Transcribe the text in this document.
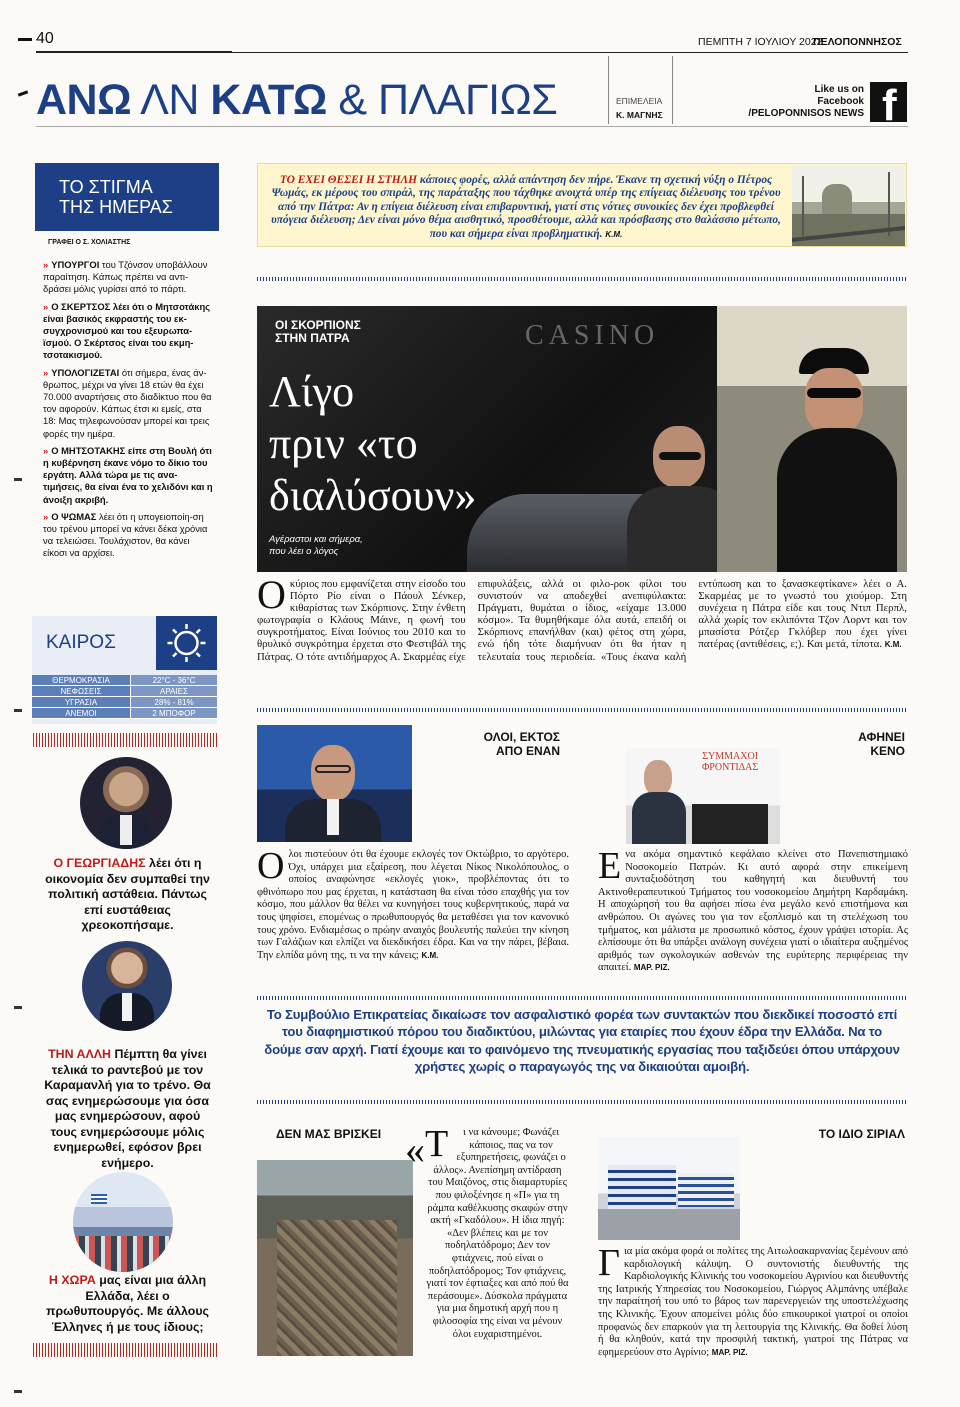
40	ΠΕΜΠΤΗ 7 ΙΟΥΛΙΟΥ 2022
ΠΕΛΟΠΟΝΝΗΣΟΣ
ΑΝΩ ΛΝ ΚΑΤΩ & ΠΛΑΓΙΩΣ	ΕΠΙΜΕΛΕΙΑ
Κ. ΜΑΓΝΗΣ
Like us on
Facebook
/PELOPONNISOS NEWS f
ΤΟ ΣΤΙΓΜΑ
ΤΗΣ ΗΜΕΡΑΣ
ΓΡΑΦΕΙ Ο Σ. ΧΟΛΙΑΣΤΗΣ
» ΥΠΟΥΡΓΟΙ του Τζόνσον υποβάλλουν παραίτηση. Κάπως πρέπει να αντι-δράσει μόλις γυρίσει από το πάρτι.
» Ο ΣΚΕΡΤΣΟΣ λέει ότι ο Μητσοτάκης είναι βασικός εκφραστής του εκ-συγχρονισμού και του εξευρωπα-ϊσμού. Ο Σκέρτσος είναι του εκμη-τσοτακισμού.
» ΥΠΟΛΟΓΙΖΕΤΑΙ ότι σήμερα, ένας άν-θρωπος, μέχρι να γίνει 18 ετών θα έχει 70.000 αναρτήσεις στο διαδίκτυο που θα τον αφορούν. Κάπως έτσι κι εμείς, στα 18: Μας τηλεφωνούσαν μπορεί και τρεις φορές την ημέρα.
» Ο ΜΗΤΣΟΤΑΚΗΣ είπε στη Βουλή ότι η κυβέρνηση έκανε νόμο το δίκιο του εργάτη. Αλλά τώρα με τις ανα-τιμήσεις, θα είναι ένα το χελιδόνι και η άνοιξη ακριβή.
» Ο ΨΩΜΑΣ λέει ότι η υπογειοποίη-ση του τρένου μπορεί να κάνει δέκα χρόνια να τελειώσει. Τουλάχιστον, θα κάνει είκοσι να αρχίσει.
ΚΑΙΡΟΣ
ΘΕΡΜΟΚΡΑΣΙΑ	22°C - 36°C
ΝΕΦΩΣΕΙΣ	ΑΡΑΙΕΣ
ΥΓΡΑΣΙΑ	28% - 81%
ΑΝΕΜΟΙ	2 ΜΠΟΦΟΡ
Ο ΓΕΩΡΓΙΑΔΗΣ λέει ότι η οικονομία δεν συμπαθεί την πολιτική αστάθεια. Πάντως επί ευστάθειας χρεοκοπήσαμε.
ΤΗΝ ΑΛΛΗ Πέμπτη θα γίνει τελικά το ραντεβού με τον Καραμανλή για το τρένο. Θα σας ενημερώσουμε για όσα μας ενημερώσουν, αφού τους ενημερώσουμε μόλις ενημερωθεί, εφόσον βρει ενήμερο.
Η ΧΩΡΑ μας είναι μια άλλη Ελλάδα, λέει ο πρωθυπουργός. Με άλλους Έλληνες ή με τους ίδιους;
ΤΟ ΕΧΕΙ ΘΕΣΕΙ Η ΣΤΗΛΗ κάποιες φορές, αλλά απάντηση δεν πήρε. Έκανε τη σχετική νύξη ο Πέτρος Ψωμάς, εκ μέρους του σπιράλ, της παράταξης που τάχθηκε ανοιχτά υπέρ της επίγειας διέλευσης του τρένου από την Πάτρα: Αν η επίγεια διέλευση είναι επιβαρυντική, γιατί στις νότιες συνοικίες δεν έχει προβλεφθεί υπόγεια διέλευση; Δεν είναι μόνο θέμα αισθητικό, προσθέτουμε, αλλά και πρόσβασης στο θαλάσσιο μέτωπο, που και σήμερα είναι προβληματική. Κ.Μ.
CASINO
ΟΙ ΣΚΟΡΠΙΟΝΣ
ΣΤΗΝ ΠΑΤΡΑ
Λίγο
πριν «το
διαλύσουν»
Αγέραστοι και σήμερα,
που λέει ο λόγος
Οκύριος που εμφανίζεται στην είσοδο του Πόρτο Ρίο είναι ο Πάουλ Σένκερ, κιθαρίστας των Σκόρπιονς. Στην ένθετη φωτογραφία ο Κλάους Μάινε, η φωνή του συγκροτήματος. Είναι Ιούνιος του 2010 και το θρυλικό συγκρότημα έρχεται στο Φεστιβάλ της Πάτρας. Ο τότε αντιδήμαρχος Α. Σκαρμέας είχε επιφυλάξεις, αλλά οι φιλο-ροκ φίλοι του συνιστούν να αποδεχθεί ανεπιφύλακτα: Πράγματι, θυμάται ο ίδιος, «είχαμε 13.000 κόσμο». Τα θυμηθήκαμε όλα αυτά, επειδή οι Σκόρπιονς επανήλθαν (και) φέτος στη χώρα, ενώ ήδη τότε διαμήνυαν ότι θα ήταν η τελευταία τους περιοδεία. «Τους έκανα καλή εντύπωση και το ξανασκεφτίκανε» λέει ο Α. Σκαρμέας με το γνωστό του χιούμορ. Στη συνέχεια η Πάτρα είδε και τους Ντιπ Περπλ, αλλά χωρίς τον εκλιπόντα Τζον Λορντ και τον μπασίστα Ρότζερ Γκλόβερ που έχει γίνει πατέρας (αντιθέσεις, ε;). Και μετά, τίποτα. Κ.Μ.
ΟΛΟΙ, ΕΚΤΟΣ
ΑΠΟ ΕΝΑΝ
Ολοι πιστεύουν ότι θα έχουμε εκλογές τον Οκτώβριο, το αργότερο. Όχι, υπάρχει μια εξαίρεση, που λέγεται Νίκος Νικολόπουλος, ο οποίος αναφώνησε «εκλογές γιοκ», προβλέποντας ότι το φθινόπωρο που μας έρχεται, η κατάσταση θα είναι τόσο επαχθής για τον κόσμο, που μάλλον θα θέλει να κυνηγήσει τους κυβερνητικούς, παρά να τους ψηφίσει, επομένως ο πρωθυπουργός θα μεταθέσει για τον κανονικό τους χρόνο. Ενδιαμέσως ο πρώην αναιχός βουλευτής παλεύει την κίνηση των Γαλάζιων και ελπίζει να διεκδικήσει έδρα. Και να την πάρει, βέβαια. Την ελπίδα μόνη της, τι να την κάνεις; Κ.Μ.
ΑΦΗΝΕΙ
ΚΕΝΟ
ΣΥΜΜΑΧΟΙ
ΦΡΟΝΤΙΔΑΣ
Ενα ακόμα σημαντικό κεφάλαιο κλείνει στο Πανεπιστημιακό Νοσοκομείο Πατρών. Κι αυτό αφορά στην επικείμενη συνταξιοδότηση του καθηγητή και διευθυντή του Ακτινοθεραπευτικού Τμήματος του νοσοκομείου Δημήτρη Καρδαμάκη. Η αποχώρησή του θα αφήσει πίσω ένα μεγάλο κενό επιστήμονα και ανθρώπου. Οι αγώνες του για τον εξοπλισμό και τη στελέχωση του τμήματος, και μάλιστα με προσωπικό κόστος, έχουν γράψει ιστορία. Ας ελπίσουμε ότι θα υπάρξει ανάλογη συνέχεια γιατί ο ιδιαίτερα αυξημένος αριθμός των ογκολογικών ασθενών της ευρύτερης περιφέρειας την απαιτεί. ΜΑΡ. ΡΙΖ.
Το Συμβούλιο Επικρατείας δικαίωσε τον ασφαλιστικό φορέα των συντακτών που διεκδικεί ποσοστό επί του διαφημιστικού πόρου του διαδικτύου, μιλώντας για εταιρίες που έχουν έδρα την Ελλάδα. Να το δούμε σαν αρχή. Γιατί έχουμε και το φαινόμενο της πνευματικής εργασίας που ταξιδεύει όπου υπάρχουν χρήστες χωρίς ο παραγωγός της να δικαιούται αμοιβή.
ΔΕΝ ΜΑΣ ΒΡΙΣΚΕΙ « Τ ι να κάνουμε; Φωνάζει κάποιος, πας να τον εξυπηρετήσεις, φωνάζει ο άλλος». Ανεπίσημη αντίδραση του Μαιζόνος, στις διαμαρτυρίες που φιλοξένησε η «Π» για τη ράμπα καθέλκυσης σκαφών στην ακτή «Γκαδόλου». Η ίδια πηγή: «Δεν βλέπεις και με τον ποδηλατόδρομο; Δεν τον φτιάχνεις, πού είναι ο ποδηλατόδρομος; Τον φτιάχνεις, γιατί τον έφτιαξες και από πού θα περάσουμε». Δύσκολα πράγματα για μια δημοτική αρχή που η φιλοσοφία της είναι να μένουν όλοι ευχαριστημένοι.
ΤΟ ΙΔΙΟ ΣΙΡΙΑΛ
Για μία ακόμα φορά οι πολίτες της Αιτωλοακαρνανίας ξεμένουν από καρδιολογική κάλυψη. Ο συντονιστής διευθυντής της Καρδιολογικής Κλινικής του νοσοκομείου Αγρινίου και διευθυντής της Ιατρικής Υπηρεσίας του Νοσοκομείου, Γιώργος Αλμπάνης υπέβαλε την παραίτησή του υπό το βάρος των παρενεργειών της υποστελέχωσης της Κλινικής. Έχουν απομείνει μόλις δύο επικουρικοί γιατροί οι οποίοι προφανώς δεν επαρκούν για τη λειτουργία της Κλινικής. Θα δοθεί λύση ή θα κληθούν, κατά την προσφιλή τακτική, γιατροί της Πάτρας να εφημερεύουν στο Αγρίνιο; ΜΑΡ. ΡΙΖ.
